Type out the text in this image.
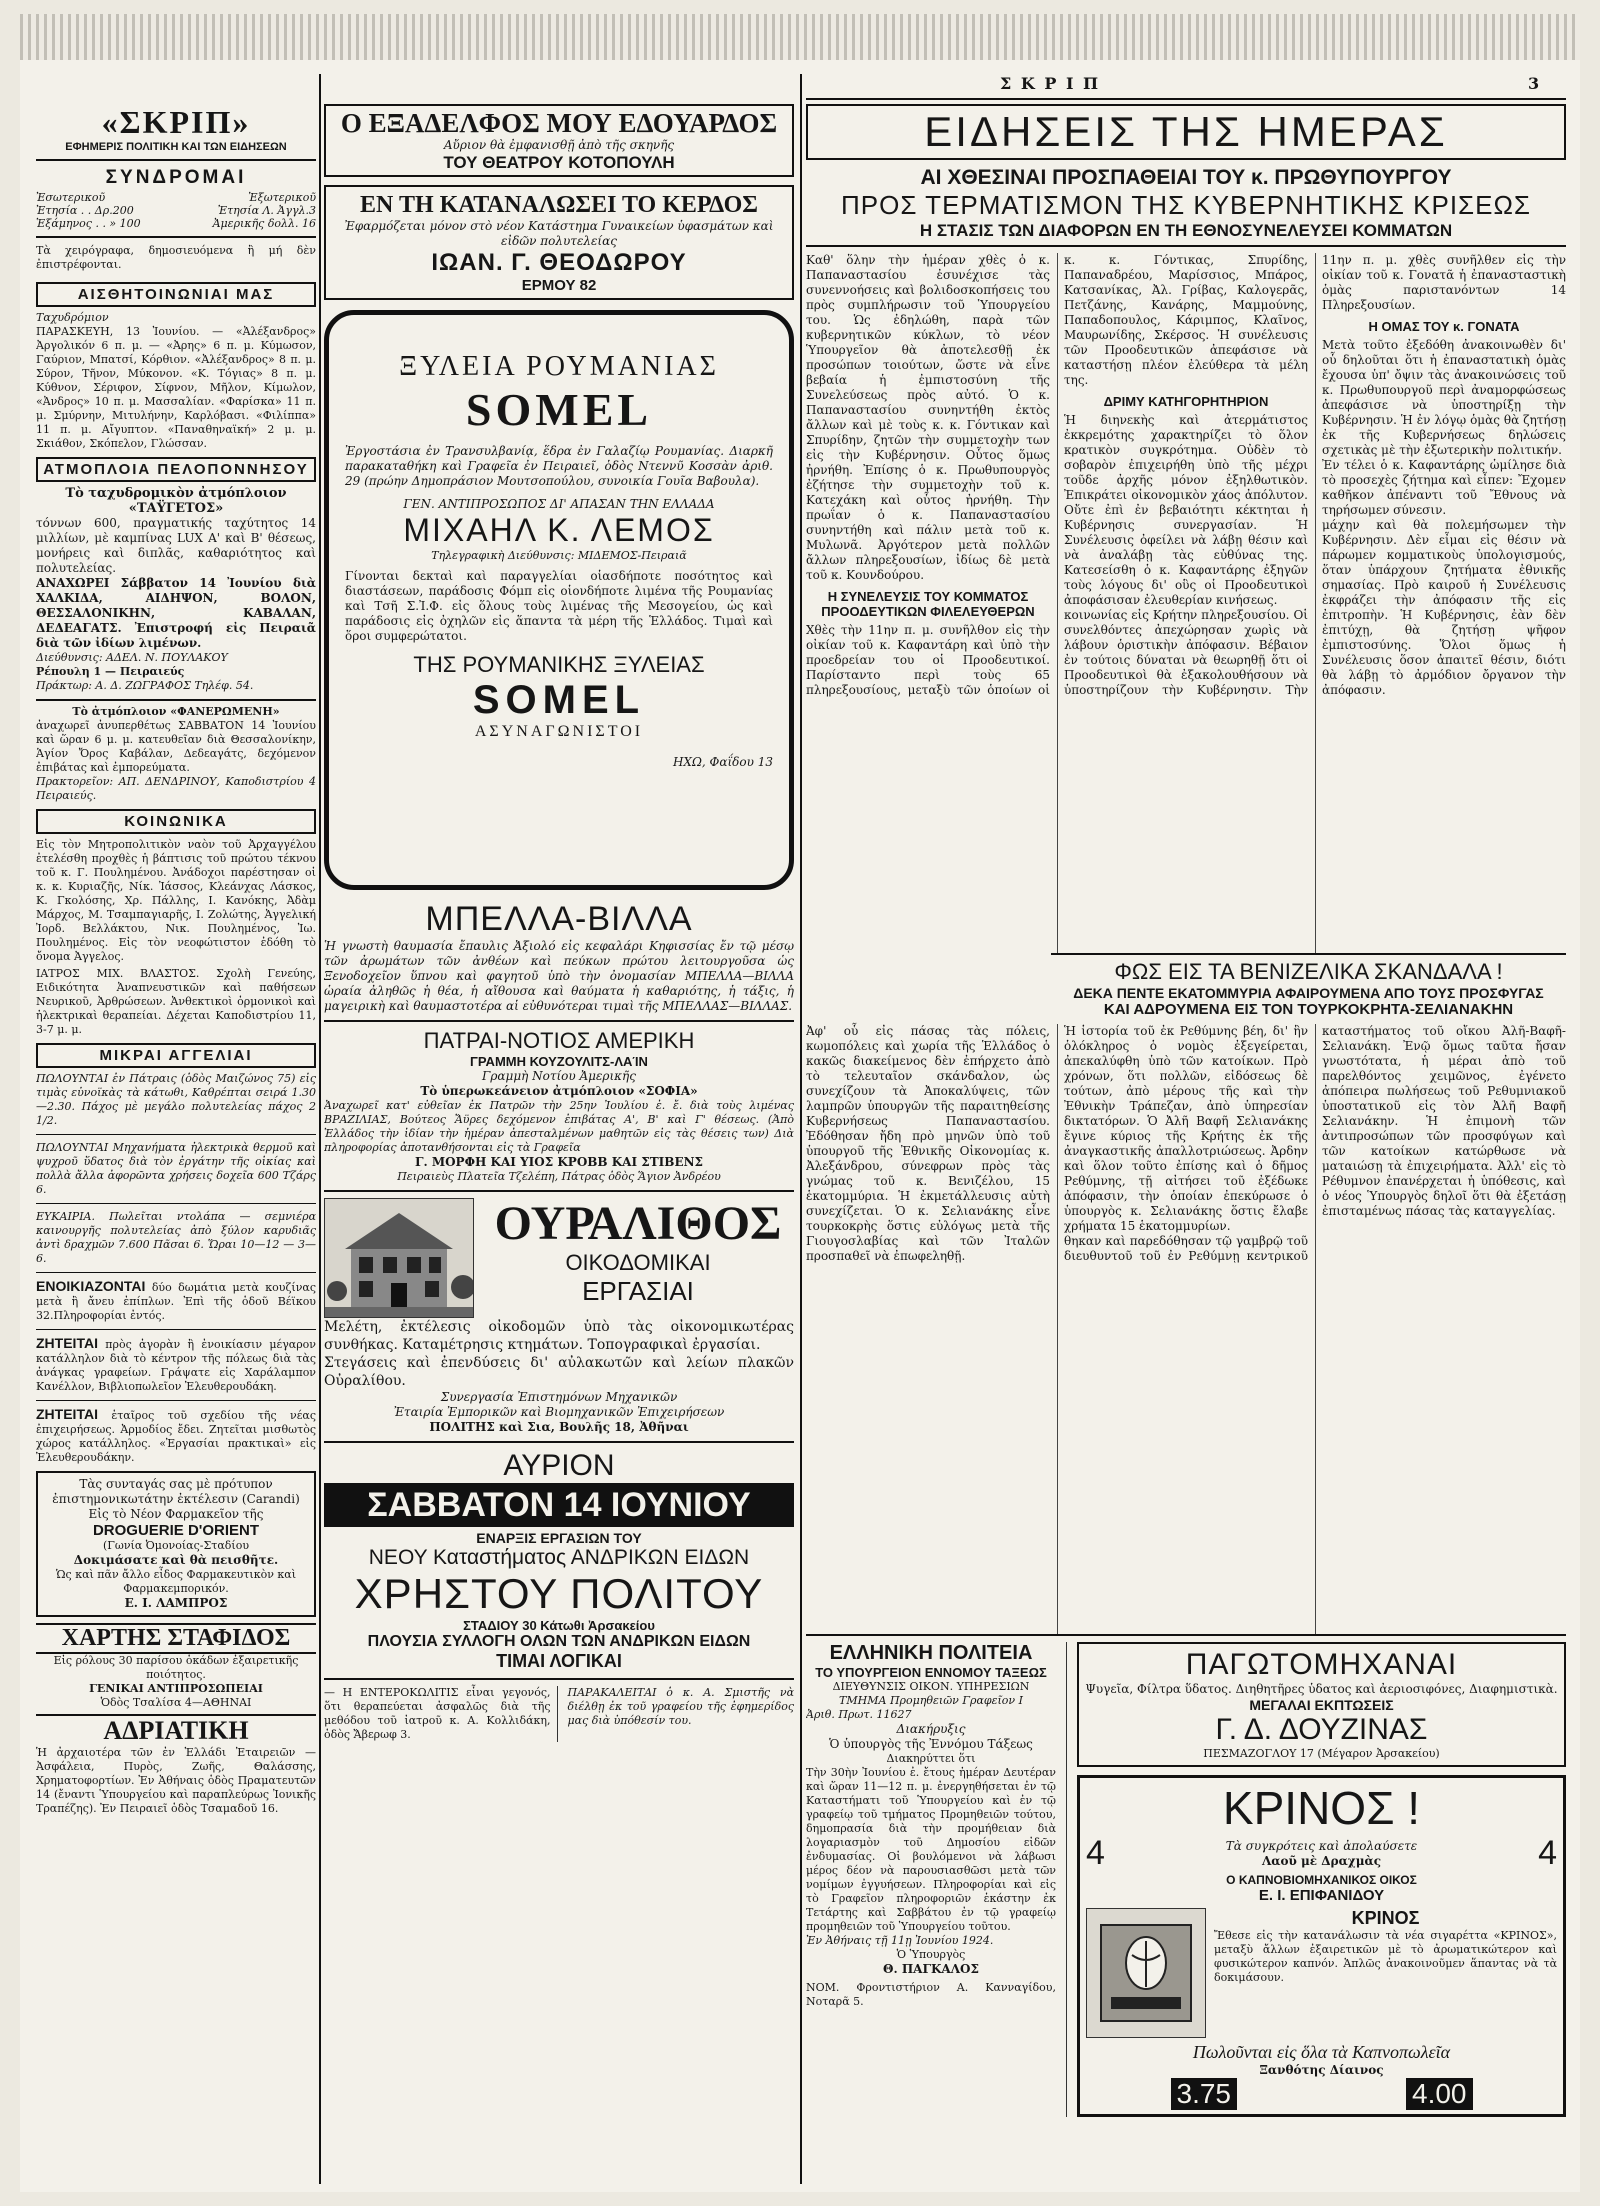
Σ Κ Ρ Ι Π	3
«ΣΚΡΙΠ»
ΕΦΗΜΕΡΙΣ ΠΟΛΙΤΙΚΗ ΚΑΙ ΤΩΝ ΕΙΔΗΣΕΩΝ
ΣΥΝΔΡΟΜΑΙ
Ἐσωτερικοῦ	Ἐξωτερικοῦ
Ἐτησία . . Δρ.200	Ἐτησία Λ. Ἀγγλ.3
Ἑξάμηνος . . » 100	Ἀμερικῆς δολλ. 16
Τὰ χειρόγραφα, δημοσιευόμενα ἢ μή δὲν ἐπιστρέφονται.
ΑΙΣΘΗΤΟΙΝΩΝΙΑΙ ΜΑΣ
Ταχυδρόμιον
ΠΑΡΑΣΚΕΥΗ, 13 Ἰουνίου. — «Ἀλέξανδρος» Ἀργολικόν 6 π. μ. — «Ἀρης» 6 π. μ. Κύμωσον, Γαύριον, Μπατσί, Κόρθιον. «Ἀλέξανδρος» 8 π. μ. Σύρον, Τῆνον, Μύκονον. «Κ. Τόγιας» 8 π. μ. Κύθνον, Σέριφον, Σίφνον, Μῆλον, Κίμωλον, «Ἀνδρος» 10 π. μ. Μασσαλίαν. «Φαρίσκα» 11 π. μ. Σμύρνην, Μιτυλήνην, Καρλόβασι. «Φιλίππα» 11 π. μ. Αἴγυπτον. «Παναθηναϊκή» 2 μ. μ. Σκιάθον, Σκόπελον, Γλώσσαν.
ΑΤΜΟΠΛΟΙΑ ΠΕΛΟΠΟΝΝΗΣΟΥ
Τὸ ταχυδρομικὸν ἀτμόπλοιον «ΤΑΫΓΕΤΟΣ»
τόννων 600, πραγματικής ταχύτητος 14 μιλλίων, μὲ καμπίνας LUX Α' καὶ Β' θέσεως, μονήρεις καὶ διπλᾶς, καθαριότητος καὶ πολυτελείας.
ΑΝΑΧΩΡΕΙ Σάββατον 14 Ἰουνίου διὰ ΧΑΛΚΙΔΑ, ΑΙΔΗΨΟΝ, ΒΟΛΟΝ, ΘΕΣΣΑΛΟΝΙΚΗΝ, ΚΑΒΑΛΑΝ, ΔΕΔΕΑΓΑΤΣ. Ἐπιστροφή εἰς Πειραιᾶ διὰ τῶν ἰδίων λιμένων.
Διεύθυνσις: ΑΔΕΛ. Ν. ΠΟΥΛΑΚΟΥ
Ρέπουλη 1 — Πειραιεύς
Πράκτωρ: Α. Δ. ΖΩΓΡΑΦΟΣ Τηλέφ. 54.
Τὸ ἀτμόπλοιον «ΦΑΝΕΡΩΜΕΝΗ»
ἀναχωρεῖ ἀνυπερθέτως ΣΑΒΒΑΤΟΝ 14 Ἰουνίου καὶ ὥραν 6 μ. μ. κατευθεῖαν διὰ Θεσσαλονίκην, Ἁγίον Ὄρος Καβάλαν, Δεδεαγάτς, δεχόμενον ἐπιβάτας καὶ ἐμπορεύματα.
Πρακτορεῖον: ΑΠ. ΔΕΝΔΡΙΝΟΥ, Καποδιστρίου 4 Πειραιεύς.
ΚΟΙΝΩΝΙΚΑ
Εἰς τὸν Μητροπολιτικὸν ναὸν τοῦ Ἀρχαγγέλου ἐτελέσθη προχθὲς ἡ βάπτισις τοῦ πρώτου τέκνου τοῦ κ. Γ. Πουλημένου. Ἀνάδοχοι παρέστησαν οἱ κ. κ. Κυριαζῆς, Νίκ. Ἰάσσος, Κλεάνχας Λάσκος, Κ. Γκολόσης, Χρ. Πάλλης, Ι. Κανόκης, Ἀδὰμ Μάρχος, Μ. Τσαμπαγιαρῆς, Ι. Ζολώτης, Ἀγγελική Ἰορδ. Βελλάκτου, Νικ. Πουλημένος, Ἰω. Πουλημένος. Εἰς τὸν νεοφώτιστον ἐδόθη τὸ ὄνομα Ἀγγελος.
ΙΑΤΡΟΣ ΜΙΧ. ΒΛΑΣΤΟΣ. Σχολὴ Γενεύης, Ειδικότητα Ἀναπνευστικῶν καὶ παθήσεων Νευρικοῦ, Ἀρθρώσεων. Ἀνθεκτικοὶ ὁρμονικοὶ καὶ ἡλεκτρικαὶ θεραπείαι. Δέχεται Καποδιστρίου 11, 3-7 μ. μ.
ΜΙΚΡΑΙ ΑΓΓΕΛΙΑΙ
ΠΩΛΟΥΝΤΑΙ ἐν Πάτραις (ὁδὸς Μαιζώνος 75) εἰς τιμὰς εὐνοϊκὰς τὰ κάτωθι, Καθρέπται σειρά 1.30—2.30. Πάχος μὲ μεγάλο πολυτελείας πάχος 2 1/2.
ΠΩΛΟΥΝΤΑΙ Μηχανήματα ἠλεκτρικὰ θερμοῦ καὶ ψυχροῦ ὕδατος διὰ τὸν ἐργάτην τῆς οἰκίας καὶ πολλὰ ἄλλα ἀφορῶντα χρήσεις δοχεῖα 600 Τζάρς 6.
ΕΥΚΑΙΡΙΑ. Πωλεῖται ντολάπα — σεμνιέρα καινουργῆς πολυτελείας ἀπὸ ξύλον καρυδιᾶς ἀντὶ δραχμῶν 7.600 Πᾶσαι 6. Ὥραι 10—12 — 3—6.
ΕΝΟΙΚΙΑΖΟΝΤΑΙ δύο δωμάτια μετὰ κουζίνας μετὰ ἢ ἄνευ ἐπίπλων. Ἐπὶ τῆς ὁδοῦ Βέϊκου 32.Πληροφορίαι ἐντός.
ΖΗΤΕΙΤΑΙ πρὸς ἀγορὰν ἢ ἐνοικίασιν μέγαρον κατάλληλον διὰ τὸ κέντρον τῆς πόλεως διὰ τὰς ἀνάγκας γραφείων. Γράψατε εἰς Χαράλαμπον Κανέλλον, Βιβλιοπωλεῖον Ἐλευθερουδάκη.
ΖΗΤΕΙΤΑΙ ἑταῖρος τοῦ σχεδίου τῆς νέας ἐπιχειρήσεως. Ἀρμοδίος ἔδει. Ζητεῖται μισθωτὸς χώρος κατάλληλος. «Ἐργασίαι πρακτικαὶ» εἰς Ἐλευθερουδάκην.
Τὰς συνταγάς σας μὲ πρότυπον ἐπιστημονικωτάτην ἐκτέλεσιν (Carandi)
Εἰς τὸ Νέον Φαρμακεῖον τῆς
DROGUERIE D'ORIENT
(Γωνία Ὀμονοίας-Σταδίου
Δοκιμάσατε καὶ θὰ πεισθῆτε.
Ὡς καὶ πᾶν ἄλλο εἶδος Φαρμακευτικὸν καὶ Φαρμακεμπορικόν.
Ε. Ι. ΛΑΜΠΡΟΣ
ΧΑΡΤΗΣ ΣΤΑΦΙΔΟΣ
Εἰς ρόλους 30 παρίσου ὁκάδων ἐξαιρετικῆς ποιότητος.
ΓΕΝΙΚΑΙ ΑΝΤΙΠΡΟΣΩΠΕΙΑΙ
Ὁδὸς Τσαλίσα 4—ΑΘΗΝΑΙ
ΑΔΡΙΑΤΙΚΗ
Ἡ ἀρχαιοτέρα τῶν ἐν Ἑλλάδι Ἐταιρειῶν — Ἀσφάλεια, Πυρὸς, Ζωῆς, Θαλάσσης, Χρηματοφορτίων. Ἐν Ἀθήναις ὁδὸς Πραματευτῶν 14 (ἔναντι Ὑπουργείου καὶ παραπλεύρως Ἰονικῆς Τραπέζης). Ἐν Πειραιεῖ ὁδὸς Τσαμαδοῦ 16.
Ο ΕΞΑΔΕΛΦΟΣ ΜΟΥ ΕΔΟΥΑΡΔΟΣ
Αὔριον θὰ ἐμφανισθῇ ἀπὸ τῆς σκηνῆς
ΤΟΥ ΘΕΑΤΡΟΥ ΚΟΤΟΠΟΥΛΗ
ΕΝ ΤΗ ΚΑΤΑΝΑΛΩΣΕΙ ΤΟ ΚΕΡΔΟΣ
Ἐφαρμόζεται μόνον στὸ νέον Κατάστημα Γυναικείων ὑφασμάτων καὶ εἰδῶν πολυτελείας
ΙΩΑΝ. Γ. ΘΕΟΔΩΡΟΥ
ΕΡΜΟΥ 82
ΞΥΛΕΙΑ ΡΟΥΜΑΝΙΑΣ
SOMEL
Ἐργοστάσια ἐν Τρανσυλβανίᾳ, ἕδρα ἐν Γαλαζίῳ Ρουμανίας. Διαρκῆ παρακαταθήκη καὶ Γραφεῖα ἐν Πειραιεῖ, ὁδὸς Ντεννῦ Κοσσὰν ἀριθ. 29 (πρώην Δημοπράσιον Μουτσοπούλου, συνοικία Γουῖα Βαβουλα).
ΓΕΝ. ΑΝΤΙΠΡΟΣΩΠΟΣ ΔΙ' ΑΠΑΣΑΝ ΤΗΝ ΕΛΛΑΔΑ
ΜΙΧΑΗΛ Κ. ΛΕΜΟΣ
Τηλεγραφικὴ Διεύθυνσις: ΜΙΔΕΜΟΣ-Πειραιᾶ
Γίνονται δεκταὶ καὶ παραγγελίαι οἱασδήποτε ποσότητος καὶ διαστάσεων, παράδοσις Φόμπ εἰς οἱονδήποτε λιμένα τῆς Ρουμανίας καὶ Τσῆ Σ.Ἰ.Φ. εἰς ὅλους τοὺς λιμένας τῆς Μεσογείου, ὡς καὶ παράδοσις εἰς ὀχηλῶν εἰς ἅπαντα τὰ μέρη τῆς Ἑλλάδος. Τιμαὶ καὶ ὅροι συμφερώτατοι.
ΤΗΣ ΡΟΥΜΑΝΙΚΗΣ ΞΥΛΕΙΑΣ
SOMEL
ΑΣΥΝΑΓΩΝΙΣΤΟΙ
ΗΧΩ, Φαΐδου 13
ΜΠΕΛΛΑ-ΒΙΛΛΑ
Ἡ γνωστὴ θαυμασία ἔπαυλις Ἀξιολό εἰς κεφαλάρι Κηφισσίας ἔν τῷ μέσῳ τῶν ἀρωμάτων τῶν ἀνθέων καὶ πεύκων πρώτου λειτουργοῦσα ὡς Ξενοδοχεῖον ὕπνου καὶ φαγητοῦ ὑπὸ τὴν ὀνομασίαν ΜΠΕΛΛΑ—ΒΙΛΛΑ ὡραία ἀληθῶς ἡ θέα, ἡ αἴθουσα καὶ θαύματα ἡ καθαριότης, ἡ τάξις, ἡ μαγειρικὴ καὶ θαυμαστοτέρα αἱ εὐθυνότεραι τιμαὶ τῆς ΜΠΕΛΛΑΣ—ΒΙΛΛΑΣ.
ΠΑΤΡΑΙ-ΝΟΤΙΟΣ ΑΜΕΡΙΚΗ
ΓΡΑΜΜΗ ΚΟΥΖΟΥΛΙΤΣ-ΛΑΊΝ
Γραμμὴ Νοτίου Ἀμερικῆς
Τὸ ὑπερωκεάνειον ἀτμόπλοιον «ΣΟΦΙΑ»
Ἀναχωρεῖ κατ' εὐθεῖαν ἐκ Πατρῶν τὴν 25ην Ἰουλίου ἐ. ἔ. διὰ τοὺς λιμένας ΒΡΑΖΙΛΙΑΣ, Βούτεος Ἄϋρες δεχόμενον ἐπιβάτας Α', Β' καὶ Γ' θέσεως. (Ἀπὸ Ἑλλάδος τὴν ἰδίαν τὴν ἡμέραν ἀπεσταλμένων μαθητῶν εἰς τὰς θέσεις των) Διὰ πληροφορίας ἀποτανθήσονται εἰς τὰ Γραφεῖα
Γ. ΜΟΡΦΗ ΚΑΙ ΥΙΟΣ ΚΡΟΒΒ ΚΑΙ ΣΤΙΒΕΝΣ
Πειραιεὺς Πλατεῖα Τζελέπη, Πάτρας ὁδὸς Ἅγιον Ἀνδρέου
ΟΥΡΑΛΙΘΟΣ
ΟΙΚΟΔΟΜΙΚΑΙ
ΕΡΓΑΣΙΑΙ
Μελέτη, ἐκτέλεσις οἰκοδομῶν ὑπὸ τὰς οἰκονομικωτέρας συνθήκας. Καταμέτρησις κτημάτων. Τοπογραφικαὶ ἐργασίαι.
Στεγάσεις καὶ ἐπενδύσεις δι' αὐλακωτῶν καὶ λείων πλακῶν Οὐραλίθου.
Συνεργασία Ἐπιστημόνων Μηχανικῶν
Ἐταιρία Ἐμπορικῶν καὶ Βιομηχανικῶν Ἐπιχειρήσεων
ΠΟΛΙΤΗΣ καὶ Σια, Βουλῆς 18, Ἀθῆναι
ΑΥΡΙΟΝ
ΣΑΒΒΑΤΟΝ 14 ΙΟΥΝΙΟΥ
ΕΝΑΡΞΙΣ ΕΡΓΑΣΙΩΝ ΤΟΥ
ΝΕΟΥ Καταστήματος ΑΝΔΡΙΚΩΝ ΕΙΔΩΝ
ΧΡΗΣΤΟΥ ΠΟΛΙΤΟΥ
ΣΤΑΔΙΟΥ 30 Κάτωθι Ἀρσακείου
ΠΛΟΥΣΙΑ ΣΥΛΛΟΓΗ ΟΛΩΝ ΤΩΝ ΑΝΔΡΙΚΩΝ ΕΙΔΩΝ
ΤΙΜΑΙ ΛΟΓΙΚΑΙ
— Η ΕΝΤΕΡΟΚΩΛΙΤΙΣ εἶναι γεγονός, ὅτι θεραπεύεται ἀσφαλῶς διὰ τῆς μεθόδου τοῦ ἰατροῦ κ. Α. Κολλιδάκη, ὁδὸς Ἄβερωφ 3.
ΠΑΡΑΚΑΛΕΙΤΑΙ ὁ κ. Α. Σμιστῆς νὰ διέλθῃ ἐκ τοῦ γραφείου τῆς ἐφημερίδος μας διὰ ὑπόθεσίν του.
ΕΙΔΗΣΕΙΣ ΤΗΣ ΗΜΕΡΑΣ
ΑΙ ΧΘΕΣΙΝΑΙ ΠΡΟΣΠΑΘΕΙΑΙ ΤΟΥ κ. ΠΡΩΘΥΠΟΥΡΓΟΥ
ΠΡΟΣ ΤΕΡΜΑΤΙΣΜΟΝ ΤΗΣ ΚΥΒΕΡΝΗΤΙΚΗΣ ΚΡΙΣΕΩΣ
Η ΣΤΑΣΙΣ ΤΩΝ ΔΙΑΦΟΡΩΝ ΕΝ ΤΗ ΕΘΝΟΣΥΝΕΛΕΥΣΕΙ ΚΟΜΜΑΤΩΝ

Καθ' ὅλην τὴν ἡμέραν χθὲς ὁ κ. Παπαναστασίου ἐσυνέχισε τὰς συνεννοήσεις καὶ βολιδοσκοπήσεις του πρὸς συμπλήρωσιν τοῦ Ὑπουργείου του. Ὡς ἐδηλώθη, παρὰ τῶν κυβερνητικῶν κύκλων, τὸ νέον Ὑπουργεῖον θὰ ἀποτελεσθῇ ἐκ προσώπων τοιούτων, ὥστε νὰ εἶνε βεβαία ἡ ἐμπιστοσύνη τῆς Συνελεύσεως πρὸς αὐτό. Ὁ κ. Παπαναστασίου συνηντήθη ἐκτὸς ἄλλων καὶ μὲ τοὺς κ. κ. Γόντικαν καὶ Σπυρίδην, ζητῶν τὴν συμμετοχὴν των εἰς τὴν Κυβέρνησιν. Οὗτος ὅμως ἠρνήθη. Ἐπίσης ὁ κ. Πρωθυπουργὸς ἐζήτησε τὴν συμμετοχὴν τοῦ κ. Κατεχάκη καὶ οὗτος ἠρνήθη. Τὴν πρωΐαν ὁ κ. Παπαναστασίου συνηντήθη καὶ πάλιν μετὰ τοῦ κ. Μυλωνᾶ. Ἀργότερον μετὰ πολλῶν ἄλλων πληρεξουσίων, ἰδίως δὲ μετὰ τοῦ κ. Κουνδούρου.

Η ΣΥΝΕΛΕΥΣΙΣ ΤΟΥ ΚΟΜΜΑΤΟΣ ΠΡΟΟΔΕΥΤΙΚΩΝ ΦΙΛΕΛΕΥΘΕΡΩΝ

Χθὲς τὴν 11ην π. μ. συνῆλθον εἰς τὴν οἰκίαν τοῦ κ. Καφαντάρη καὶ ὑπὸ τὴν προεδρείαν του οἱ Προοδευτικοί. Παρίσταντο περὶ τοὺς 65 πληρεξουσίους, μεταξὺ τῶν ὁποίων οἱ κ. κ. Γόντικας, Σπυρίδης, Παπαναδρέου, Μαρίσσιος, Μπάρος, Κατσανίκας, Ἀλ. Γρίβας, Καλογερᾶς, Πετζάνης, Κανάρης, Μαμμούνης, Παπαδοπουλος, Κάριμπος, Κλαῖνος, Μαυρωνίδης, Σκέρσος. Ἡ συνέλευσις τῶν Προοδευτικῶν ἀπεφάσισε νὰ καταστήσῃ πλέον ἐλεύθερα τὰ μέλη της.

ΔΡΙΜΥ ΚΑΤΗΓΟΡΗΤΗΡΙΟΝ

Ἡ διηνεκὴς καὶ ἀτερμάτιστος ἐκκρεμότης χαρακτηρίζει τὸ ὅλον κρατικὸν συγκρότημα. Οὐδὲν τὸ σοβαρὸν ἐπιχειρήθη ὑπὸ τῆς μέχρι τοῦδε ἀρχῆς μόνον ἐξηλθωτικὸν. Ἐπικράτει οἰκονομικὸν χάος ἀπόλυτον. Οὔτε ἐπὶ ἐν βεβαιότητι κέκτηται ἡ Κυβέρνησις συνεργασίαν. Ἡ Συνέλευσις ὀφείλει νὰ λάβῃ θέσιν καὶ νὰ ἀναλάβῃ τὰς εὐθύνας της. Κατεσείσθη ὁ κ. Καφαντάρης ἐξηγῶν τοὺς λόγους δι' οὓς οἱ Προοδευτικοὶ ἀποφάσισαν ἐλευθερίαν κινήσεως.

κοινωνίας εἰς Κρήτην πληρεξουσίου. Οἱ συνελθόντες ἀπεχώρησαν χωρὶς νὰ λάβουν ὁριστικὴν ἀπόφασιν. Βέβαιον ἐν τούτοις δύναται νὰ θεωρηθῇ ὅτι οἱ Προοδευτικοὶ θὰ ἐξακολουθήσουν νὰ ὑποστηρίζουν τὴν Κυβέρνησιν. Τὴν 11ην π. μ. χθὲς συνῆλθεν εἰς τὴν οἰκίαν τοῦ κ. Γονατᾶ ἡ ἐπανασταστικὴ ὁμὰς παριστανόντων 14 Πληρεξουσίων.

Η ΟΜΑΣ ΤΟΥ κ. ΓΟΝΑΤΑ

Μετὰ τοῦτο ἐξεδόθη ἀνακοινωθὲν δι' οὗ δηλοῦται ὅτι ἡ ἐπαναστατικὴ ὁμὰς ἔχουσα ὑπ' ὄψιν τὰς ἀνακοινώσεις τοῦ κ. Πρωθυπουργοῦ περὶ ἀναμορφώσεως ἀπεφάσισε νὰ ὑποστηρίξῃ τὴν Κυβέρνησιν. Ἡ ἐν λόγῳ ὁμὰς θὰ ζητήσῃ ἐκ τῆς Κυβερνήσεως δηλώσεις σχετικὰς μὲ τὴν ἐξωτερικὴν πολιτικήν.

Ἐν τέλει ὁ κ. Καφαντάρης ὡμίλησε διὰ τὸ προσεχὲς ζήτημα καὶ εἶπεν: Ἔχομεν καθῆκον ἀπέναντι τοῦ Ἔθνους νὰ τηρήσωμεν σύνεσιν.

μάχην καὶ θὰ πολεμήσωμεν τὴν Κυβέρνησιν. Δὲν εἶμαι εἰς θέσιν νὰ πάρωμεν κομματικοὺς ὑπολογισμούς, ὅταν ὑπάρχουν ζητήματα ἐθνικῆς σημασίας. Πρὸ καιροῦ ἡ Συνέλευσις ἐκφράζει τὴν ἀπόφασιν τῆς εἰς ἐπιτροπὴν. Ἡ Κυβέρνησις, ἐὰν δὲν ἐπιτύχῃ, θὰ ζητήσῃ ψῆφον ἐμπιστοσύνης. Ὅλοι ὅμως ἡ Συνέλευσις ὅσον ἀπαιτεῖ θέσιν, διότι θὰ λάβῃ τὸ ἀρμόδιον ὄργανον τὴν ἀπόφασιν.

ΦΩΣ ΕΙΣ ΤΑ ΒΕΝΙΖΕΛΙΚΑ ΣΚΑΝΔΑΛΑ !
ΔΕΚΑ ΠΕΝΤΕ ΕΚΑΤΟΜΜΥΡΙΑ ΑΦΑΙΡΟΥΜΕΝΑ ΑΠΟ ΤΟΥΣ ΠΡΟΣΦΥΓΑΣ
ΚΑΙ ΑΔΡΟΥΜΕΝΑ ΕΙΣ ΤΟΝ ΤΟΥΡΚΟΚΡΗΤΑ-ΣΕΛΙΑΝΑΚΗΝ

Ἀφ' οὗ εἰς πάσας τὰς πόλεις, κωμοπόλεις καὶ χωρία τῆς Ἑλλάδος ὁ κακῶς διακείμενος δὲν ἐπήρχετο ἀπὸ τὸ τελευταῖον σκάνδαλον, ὡς συνεχίζουν τὰ Ἀποκαλύψεις, τῶν λαμπρῶν ὑπουργῶν τῆς παραιτηθείσης Κυβερνήσεως Παπαναστασίου. Ἐδόθησαν ἤδη πρὸ μηνῶν ὑπὸ τοῦ ὑπουργοῦ τῆς Ἐθνικῆς Οἰκονομίας κ. Ἀλεξάνδρου, σύνεφρων πρὸς τὰς γνώμας τοῦ κ. Βενιζέλου, 15 ἑκατομμύρια. Ἡ ἐκμετάλλευσις αὐτὴ συνεχίζεται. Ὁ κ. Σελιανάκης εἶνε τουρκοκρὴς ὅστις εὐλόγως μετὰ τῆς Γιουγοσλαβίας καὶ τῶν Ἰταλῶν προσπαθεῖ νὰ ἐπωφεληθῇ.

Ἡ ἱστορία τοῦ ἐκ Ρεθύμνης βέη, δι' ἣν ὁλόκληρος ὁ νομὸς ἐξεγείρεται, ἀπεκαλύφθη ὑπὸ τῶν κατοίκων. Πρὸ χρόνων, ὅτι πολλῶν, εἰδόσεως δὲ τούτων, ἀπὸ μέρους τῆς καὶ τὴν Ἐθνικὴν Τράπεζαν, ἀπὸ ὑπηρεσίαν δικτατόρων. Ὁ Ἀλῆ Βαφῆ Σελιανάκης ἔγινε κύριος τῆς Κρήτης ἐκ τῆς ἀναγκαστικῆς ἀπαλλοτριώσεως. Ἀρδην καὶ ὅλον τοῦτο ἐπίσης καὶ ὁ δῆμος Ρεθύμνης, τῇ αἰτήσει τοῦ ἐξέδωκε ἀπόφασιν, τὴν ὁποίαν ἐπεκύρωσε ὁ ὑπουργὸς κ. Σελιανάκης ὅστις ἔλαβε χρήματα 15 ἑκατομμυρίων.

θηκαν καὶ παρεδόθησαν τῷ γαμβρῷ τοῦ διευθυντοῦ τοῦ ἐν Ρεθύμνῃ κεντρικοῦ καταστήματος τοῦ οἴκου Ἀλῆ-Βαφῆ-Σελιανάκη. Ἐνῷ ὅμως ταῦτα ἤσαν γνωστότατα, ἡ μέραι ἀπὸ τοῦ παρελθόντος χειμῶνος, ἐγένετο ἀπόπειρα πωλήσεως τοῦ Ρεθυμνιακοῦ ὑποστατικοῦ εἰς τὸν Ἀλῆ Βαφῆ Σελιανάκην. Ἡ ἐπιμονὴ τῶν ἀντιπροσώπων τῶν προσφύγων καὶ τῶν κατοίκων κατώρθωσε νὰ ματαιώσῃ τὰ ἐπιχειρήματα. Ἀλλ' εἰς τὸ Ρέθυμνον ἐπανέρχεται ἡ ὑπόθεσις, καὶ ὁ νέος Ὑπουργὸς δηλοῖ ὅτι θὰ ἐξετάσῃ ἐπισταμένως πάσας τὰς καταγγελίας.

ΕΛΛΗΝΙΚΗ ΠΟΛΙΤΕΙΑ
ΤΟ ΥΠΟΥΡΓΕΙΟΝ ΕΝΝΟΜΟΥ ΤΑΞΕΩΣ
ΔΙΕΥΘΥΝΣΙΣ ΟΙΚΟΝ. ΥΠΗΡΕΣΙΩΝ
ΤΜΗΜΑ Προμηθειῶν Γραφεῖον Ι
Ἀριθ. Πρωτ. 11627
Διακήρυξις
Ὁ ὑπουργὸς τῆς Ἐννόμου Τάξεως
Διακηρύττει ὅτι
Τὴν 30ὴν Ἰουνίου ἐ. ἔτους ἡμέραν Δευτέραν καὶ ὥραν 11—12 π. μ. ἐνεργηθήσεται ἐν τῷ Καταστήματι τοῦ Ὑπουργείου καὶ ἐν τῷ γραφείῳ τοῦ τμήματος Προμηθειῶν τούτου, δημοπρασία διὰ τὴν προμήθειαν διὰ λογαριασμὸν τοῦ Δημοσίου εἰδῶν ἐνδυμασίας. Οἱ βουλόμενοι νὰ λάβωσι μέρος δέον νὰ παρουσιασθῶσι μετὰ τῶν νομίμων ἐγγυήσεων. Πληροφορίαι καὶ εἰς τὸ Γραφεῖον πληροφοριῶν ἑκάστην ἐκ Τετάρτης καὶ Σαββάτου ἐν τῷ γραφείῳ προμηθειῶν τοῦ Ὑπουργείου τοῦτου.
Ἐν Ἀθήναις τῇ 11ῃ Ἰουνίου 1924.
Ὁ Ὑπουργὸς
Θ. ΠΑΓΚΑΛΟΣ
ΝΟΜ. Φροντιστήριον Α. Κανναγίδου, Νοταρᾶ 5.
ΠΑΓΩΤΟΜΗΧΑΝΑΙ
Ψυγεῖα, Φίλτρα ὕδατος. Διηθητῆρες ὑδατος καὶ ἀεριοσιφόνες, Διαφημιστικὰ.
ΜΕΓΑΛΑΙ ΕΚΠΤΩΣΕΙΣ
Γ. Δ. ΔΟΥΖΙΝΑΣ
ΠΕΣΜΑΖΟΓΛΟΥ 17 (Μέγαρον Ἀρσακείου)
ΚΡΙΝΟΣ !
4	Τὰ συγκρότεις καὶ ἀπολαύσετε
Λαοῦ μὲ Δραχμὰς	4
Ο ΚΑΠΝΟΒΙΟΜΗΧΑΝΙΚΟΣ ΟΙΚΟΣ
Ε. Ι. ΕΠΙΦΑΝΙΔΟΥ
ΚΡΙΝΟΣ
Ἔθεσε εἰς τὴν κατανάλωσιν τὰ νέα σιγαρέττα «ΚΡΙΝΟΣ», μεταξὺ ἄλλων ἐξαιρετικῶν μὲ τὸ ἀρωματικώτερον καὶ φυσικώτερον καπνόν. Ἁπλῶς ἀνακοινοῦμεν ἅπαντας νὰ τὰ δοκιμάσουν.
Πωλοῦνται εἰς ὅλα τὰ Καπνοπωλεῖα
Ξανθότης Δίαινος
3.75	4.00
